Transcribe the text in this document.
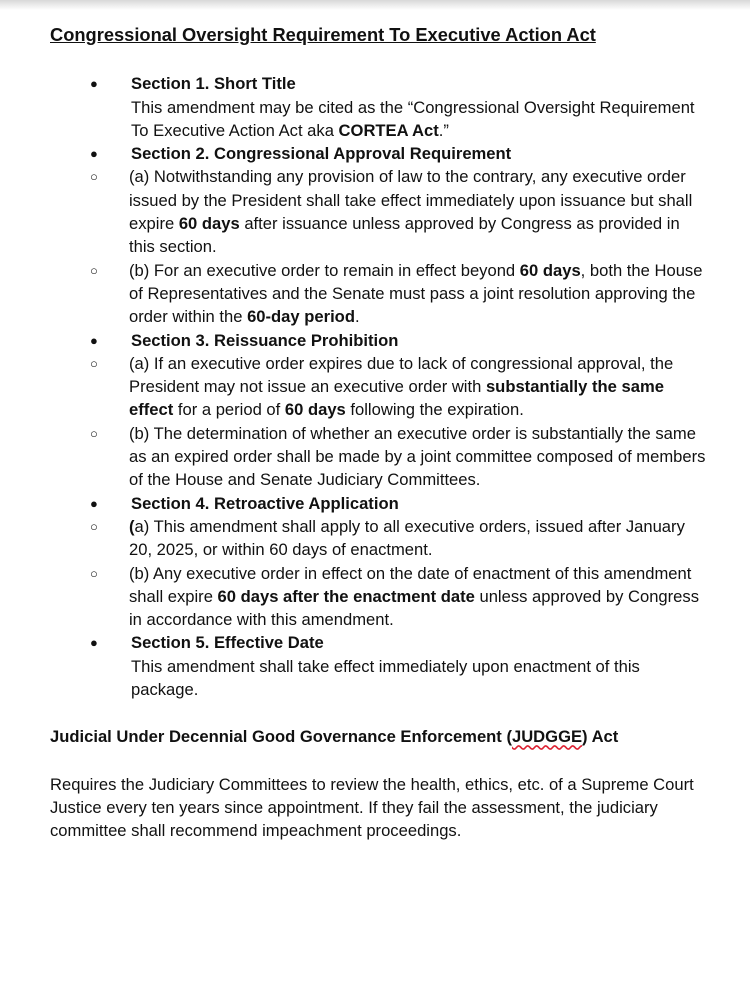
Congressional Oversight Requirement To Executive Action Act
● Section 1. Short Title
This amendment may be cited as the “Congressional Oversight Requirement To Executive Action Act aka CORTEA Act.”
● Section 2. Congressional Approval Requirement
○ (a) Notwithstanding any provision of law to the contrary, any executive order issued by the President shall take effect immediately upon issuance but shall expire 60 days after issuance unless approved by Congress as provided in this section.
○ (b) For an executive order to remain in effect beyond 60 days, both the House of Representatives and the Senate must pass a joint resolution approving the order within the 60-day period.
● Section 3. Reissuance Prohibition
○ (a) If an executive order expires due to lack of congressional approval, the President may not issue an executive order with substantially the same effect for a period of 60 days following the expiration.
○ (b) The determination of whether an executive order is substantially the same as an expired order shall be made by a joint committee composed of members of the House and Senate Judiciary Committees.
● Section 4. Retroactive Application
○ (a) This amendment shall apply to all executive orders, issued after January 20, 2025, or within 60 days of enactment.
○ (b) Any executive order in effect on the date of enactment of this amendment shall expire 60 days after the enactment date unless approved by Congress in accordance with this amendment.
● Section 5. Effective Date
This amendment shall take effect immediately upon enactment of this package.
Judicial Under Decennial Good Governance Enforcement (JUDGGE) Act
Requires the Judiciary Committees to review the health, ethics, etc. of a Supreme Court Justice every ten years since appointment. If they fail the assessment, the judiciary committee shall recommend impeachment proceedings.
